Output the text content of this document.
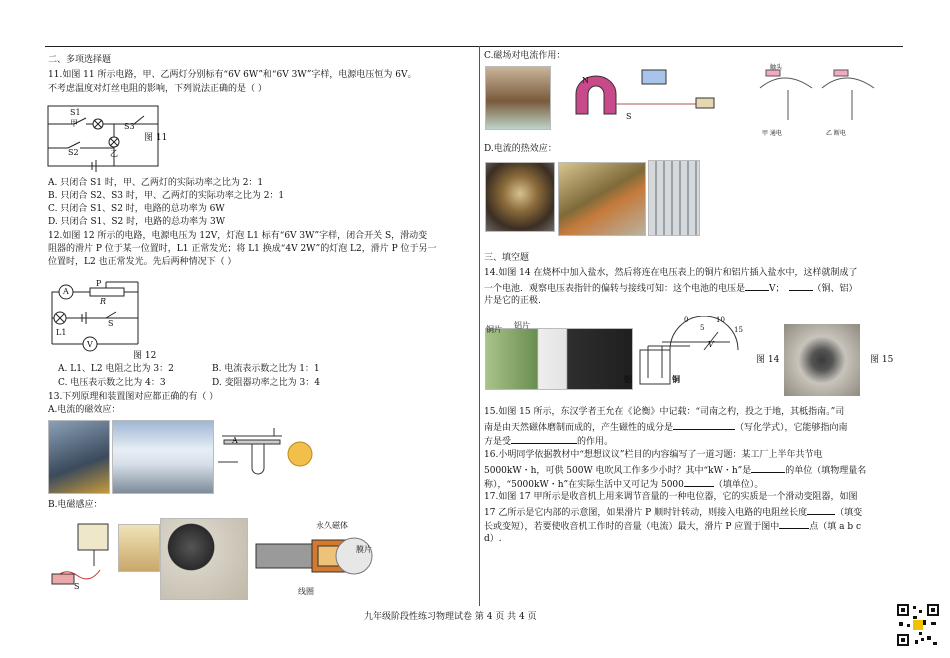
二、多项选择题
11.如图 11 所示电路，甲、乙两灯分别标有“6V 6W”和“6V 3W”字样，电源电压恒为 6V。
不考虑温度对灯丝电阻的影响，下列说法正确的是（ ）
S1
甲	S3
S2	乙
图 11
A. 只闭合 S1 时，甲、乙两灯的实际功率之比为 2：1
B. 只闭合 S2、S3 时，甲、乙两灯的实际功率之比为 2：1
C. 只闭合 S1、S2 时，电路的总功率为 6W
D. 只闭合 S1、S2 时，电路的总功率为 3W
12.如图 12 所示的电路，电源电压为 12V，灯泡 L1 标有“6V 3W”字样，闭合开关 S，滑动变
阻器的滑片 P 位于某一位置时，L1 正常发光；将 L1 换成“4V 2W”的灯泡 L2，滑片 P 位于另一
位置时，L2 也正常发光。先后两种情况下（ ）
A
P
R
S
L1
V
图 12
A. L1、L2 电阻之比为 3：2	B. 电流表示数之比为 1：1
C. 电压表示数之比为 4：3	D. 变阻器功率之比为 3：4
13.下列原理和装置图对应都正确的有（ ）
A.电流的磁效应：
A
B.电磁感应：
S
永久磁体
线圈
膜片
C.磁场对电流作用：
N
S
触头
甲 通电	乙 断电
D.电流的热效应：
三、填空题
14.如图 14 在烧杯中加入盐水，然后将连在电压表上的铜片和铝片插入盐水中，这样就制成了
一个电池．观察电压表指针的偏转与接线可知：这个电池的电压是	V；	（铜、铝）
片是它的正极.
铜片 铝片
0
5
10
15
V
铝	铜
图 14	图 15
15.如图 15 所示，东汉学者王允在《论衡》中记载：“司南之杓，投之于地，其柢指南。”司
南是由天然磁体磨制而成的，产生磁性的成分是	（写化学式），它能够指向南
方是受	的作用。
16.小明同学依据教材中“想想议议”栏目的内容编写了一道习题：某工厂上半年共节电
5000kW・h，可供 500W 电吹风工作多少小时？其中“kW・h”是	的单位（填物理量名
称），“5000kW・h”在实际生活中又可记为 5000	（填单位）。
17.如图 17 甲所示是收音机上用来调节音量的一种电位器，它的实质是一个滑动变阻器，如图
17 乙所示是它内部的示意图，如果滑片 P 顺时针转动，则接入电路的电阻丝长度	（填变
长或变短），若要使收音机工作时的音量（电流）最大，滑片 P 应置于图中	点（填 a b c
d）.
九年级阶段性练习物理试卷 第 4 页 共 4 页
